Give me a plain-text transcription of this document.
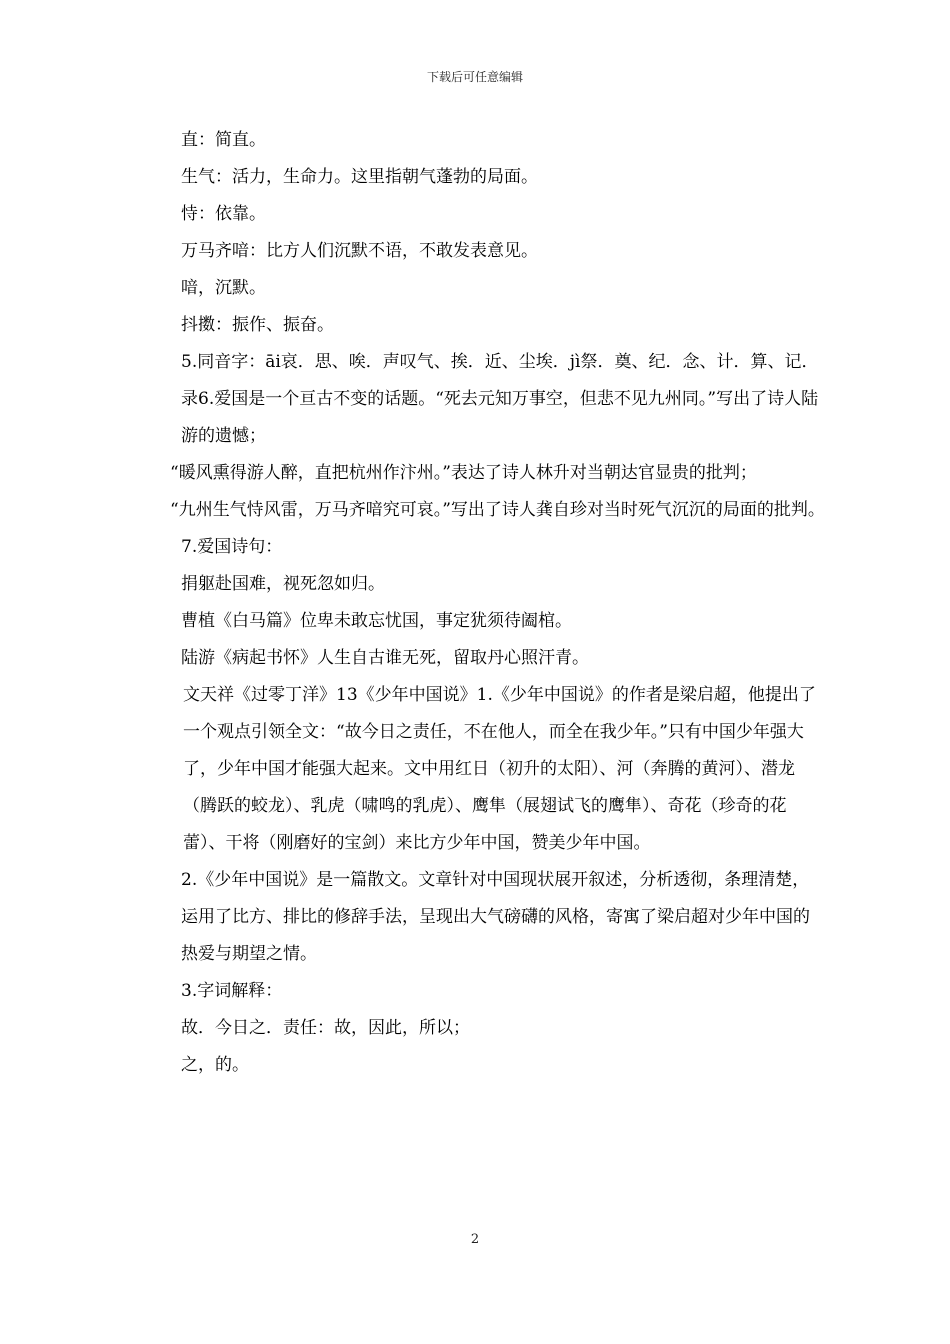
下载后可任意编辑

直：简直。

生气：活力，生命力。这里指朝气蓬勃的局面。

恃：依靠。

万马齐喑：比方人们沉默不语，不敢发表意见。

喑，沉默。

抖擞：振作、振奋。

5.同音字：āi哀．思、唉．声叹气、挨．近、尘埃．jì祭．奠、纪．念、计．算、记．录6.爱国是一个亘古不变的话题。“死去元知万事空，但悲不见九州同。”写出了诗人陆游的遗憾；

“暖风熏得游人醉，直把杭州作汴州。”表达了诗人林升对当朝达官显贵的批判；

“九州生气恃风雷，万马齐喑究可哀。”写出了诗人龚自珍对当时死气沉沉的局面的批判。

7.爱国诗句：

捐躯赴国难，视死忽如归。

曹植《白马篇》位卑未敢忘忧国，事定犹须待阖棺。

陆游《病起书怀》人生自古谁无死，留取丹心照汗青。

文天祥《过零丁洋》13《少年中国说》1.《少年中国说》的作者是梁启超，他提出了一个观点引领全文：“故今日之责任，不在他人，而全在我少年。”只有中国少年强大了，少年中国才能强大起来。文中用红日（初升的太阳）、河（奔腾的黄河）、潜龙（腾跃的蛟龙）、乳虎（啸鸣的乳虎）、鹰隼（展翅试飞的鹰隼）、奇花（珍奇的花蕾）、干将（刚磨好的宝剑）来比方少年中国，赞美少年中国。

2.《少年中国说》是一篇散文。文章针对中国现状展开叙述，分析透彻，条理清楚，运用了比方、排比的修辞手法，呈现出大气磅礴的风格，寄寓了梁启超对少年中国的热爱与期望之情。

3.字词解释：

故．今日之．责任：故，因此，所以；

之，的。

2
